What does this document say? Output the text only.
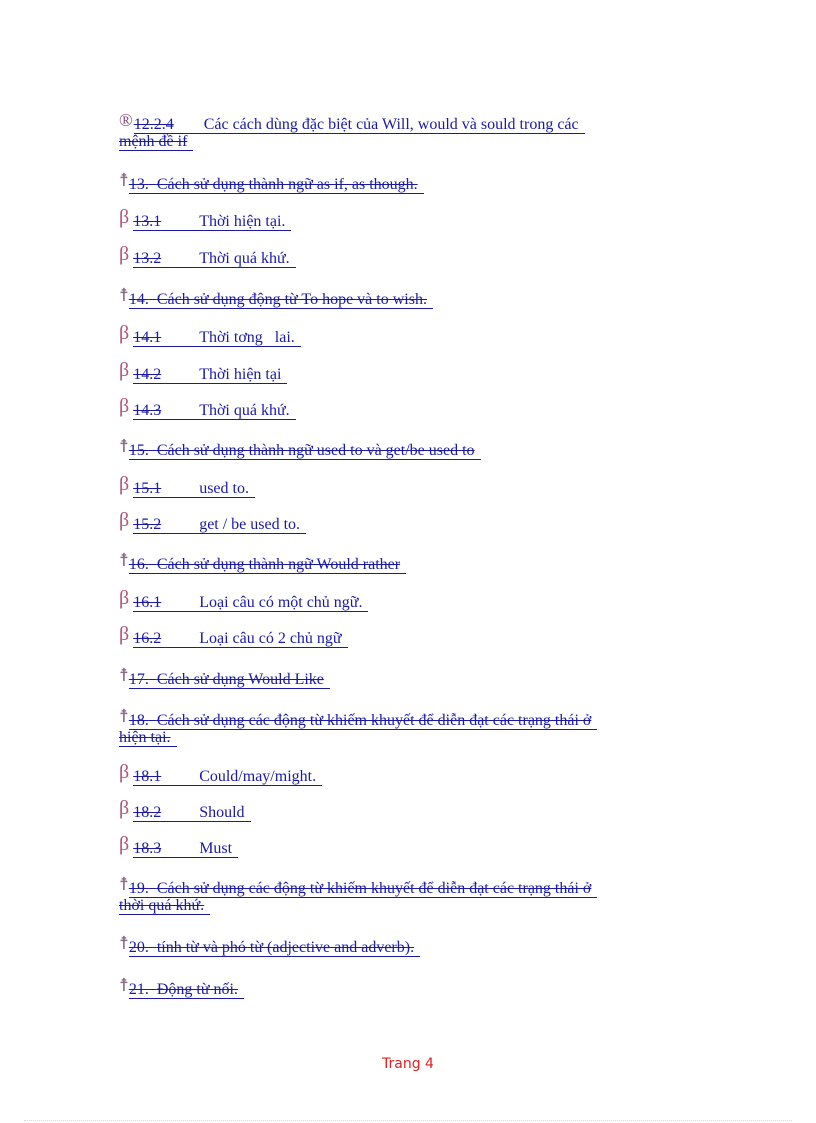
®12.2.4 Các cách dùng đặc biệt của Will, would và sould trong các
mệnh đề if
☨13. Cách sử dụng thành ngữ as if, as though.
β 13.1 Thời hiện tại.
β 13.2 Thời quá khứ.
☨14. Cách sử dụng động từ To hope và to wish.
β 14.1 Thời tơng   lai.
β 14.2 Thời hiện tại
β 14.3 Thời quá khứ.
☨15. Cách sử dụng thành ngữ used to và get/be used to
β 15.1 used to.
β 15.2 get / be used to.
☨16. Cách sử dụng thành ngữ Would rather
β 16.1 Loại câu có một chủ ngữ.
β 16.2 Loại câu có 2 chủ ngữ
☨17. Cách sử dụng Would Like
☨18. Cách sử dụng các động từ khiếm khuyết để diễn đạt các trạng thái ở
hiện tại.
β 18.1 Could/may/might.
β 18.2 Should
β 18.3 Must
☨19. Cách sử dụng các động từ khiếm khuyết để diễn đạt các trạng thái ở
thời quá khứ.
☨20. tính từ và phó từ (adjective and adverb).
☨21. Động từ nối.
Trang 4
